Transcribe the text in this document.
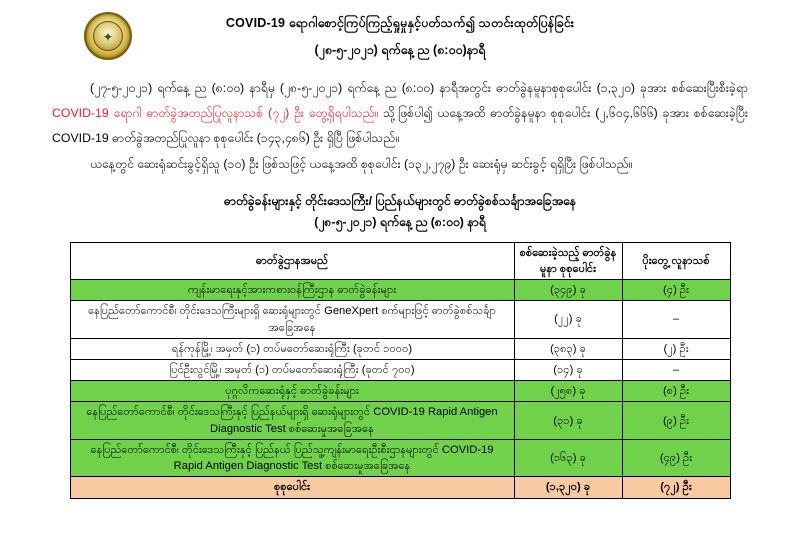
✦
COVID-19 ရောဂါစောင့်ကြပ်ကြည့်ရှုမှုနှင့်ပတ်သက်၍ သတင်းထုတ်ပြန်ခြင်း
(၂၈-၅-၂၀၂၁) ရက်နေ့ ည (၈:၀၀)နာရီ

(၂၇-၅-၂၀၂၁) ရက်နေ့ ည (၈:၀၀) နာရီမှ (၂၈-၅-၂၀၂၁) ရက်နေ့ ည (၈:၀၀) နာရီအတွင်း ဓာတ်ခွဲနမူနာစုစုပေါင်း (၁,၃၂၀) ခုအား စစ်ဆေးပြီးစီးခဲ့ရာ COVID-19 ရောဂါ ဓာတ်ခွဲအတည်ပြုလူနာသစ် (၇၂) ဦး တွေ့ရှိရပါသည်။ သို့ဖြစ်ပါ၍ ယနေ့အထိ ဓာတ်ခွဲနမူနာ စုစုပေါင်း (၂,၆၀၄,၆၆၆) ခုအား စစ်ဆေးခဲ့ပြီး COVID-19 ဓာတ်ခွဲအတည်ပြုလူနာ စုစုပေါင်း (၁၄၃,၄၈၆) ဦး ရှိပြီ ဖြစ်ပါသည်။

ယနေ့တွင် ဆေးရုံဆင်းခွင့်ရှိသူ (၁၀) ဦး ဖြစ်သဖြင့် ယနေ့အထိ စုစုပေါင်း (၁၃၂,၂၇၉) ဦး ဆေးရုံမှ ဆင်းခွင့် ရရှိပြီး ဖြစ်ပါသည်။

ဓာတ်ခွဲခန်းများနှင့် တိုင်းဒေသကြီး/ ပြည်နယ်များတွင် ဓာတ်ခွဲစစ်သင်္ချာအခြေအနေ
(၂၈-၅-၂၀၂၁) ရက်နေ့ ည (၈:၀၀) နာရီ
ဓာတ်ခွဲဌာနအမည်	စစ်ဆေးခဲ့သည့် ဓာတ်ခွဲနမူနာ စုစုပေါင်း	ပိုးတွေ့ လူနာသစ်
ကျန်းမာရေးနှင့်အားကစားဝန်ကြီးဌာန ဓာတ်ခွဲခန်းများ	(၃၄၉) ခု	(၄) ဦး
နေပြည်တော်ကောင်စီ၊ တိုင်းဒေသကြီးများရှိ ဆေးရုံများတွင် GeneXpert စက်များဖြင့် ဓာတ်ခွဲစစ်သင်္ချာအခြေအနေ	(၂၂) ခု	–
ရန်ကုန်မြို့၊ အမှတ် (၁) တပ်မတော်ဆေးရုံကြီး (ခုတင် ၁၀၀၀)	(၃၈၃) ခု	(၂) ဦး
ပြင်ဦးလွင်မြို့၊ အမှတ် (၁) တပ်မတော်ဆေးရုံကြီး (ခုတင် ၇၀၀)	(၁၄) ခု	–
ပုဂ္ဂလိကဆေးရုံနှင့် ဓာတ်ခွဲခန်းများ	(၂၅၈) ခု	(၈) ဦး
နေပြည်တော်ကောင်စီ၊ တိုင်းဒေသကြီးနှင့် ပြည်နယ်များရှိ ဆေးရုံများတွင် COVID-19 Rapid Antigen Diagnostic Test စစ်ဆေးမှုအခြေအနေ	(၃၁) ခု	(၉) ဦး
နေပြည်တော်ကောင်စီ၊ တိုင်းဒေသကြီးနှင့် ပြည်နယ် ပြည်သူ့ကျန်းမာရေးဦးစီးဌာနများတွင် COVID-19 Rapid Antigen Diagnostic Test စစ်ဆေးမှုအခြေအနေ	(၁၆၃) ခု	(၄၉) ဦး
စုစုပေါင်း	(၁,၃၂၀) ခု	(၇၂) ဦး
